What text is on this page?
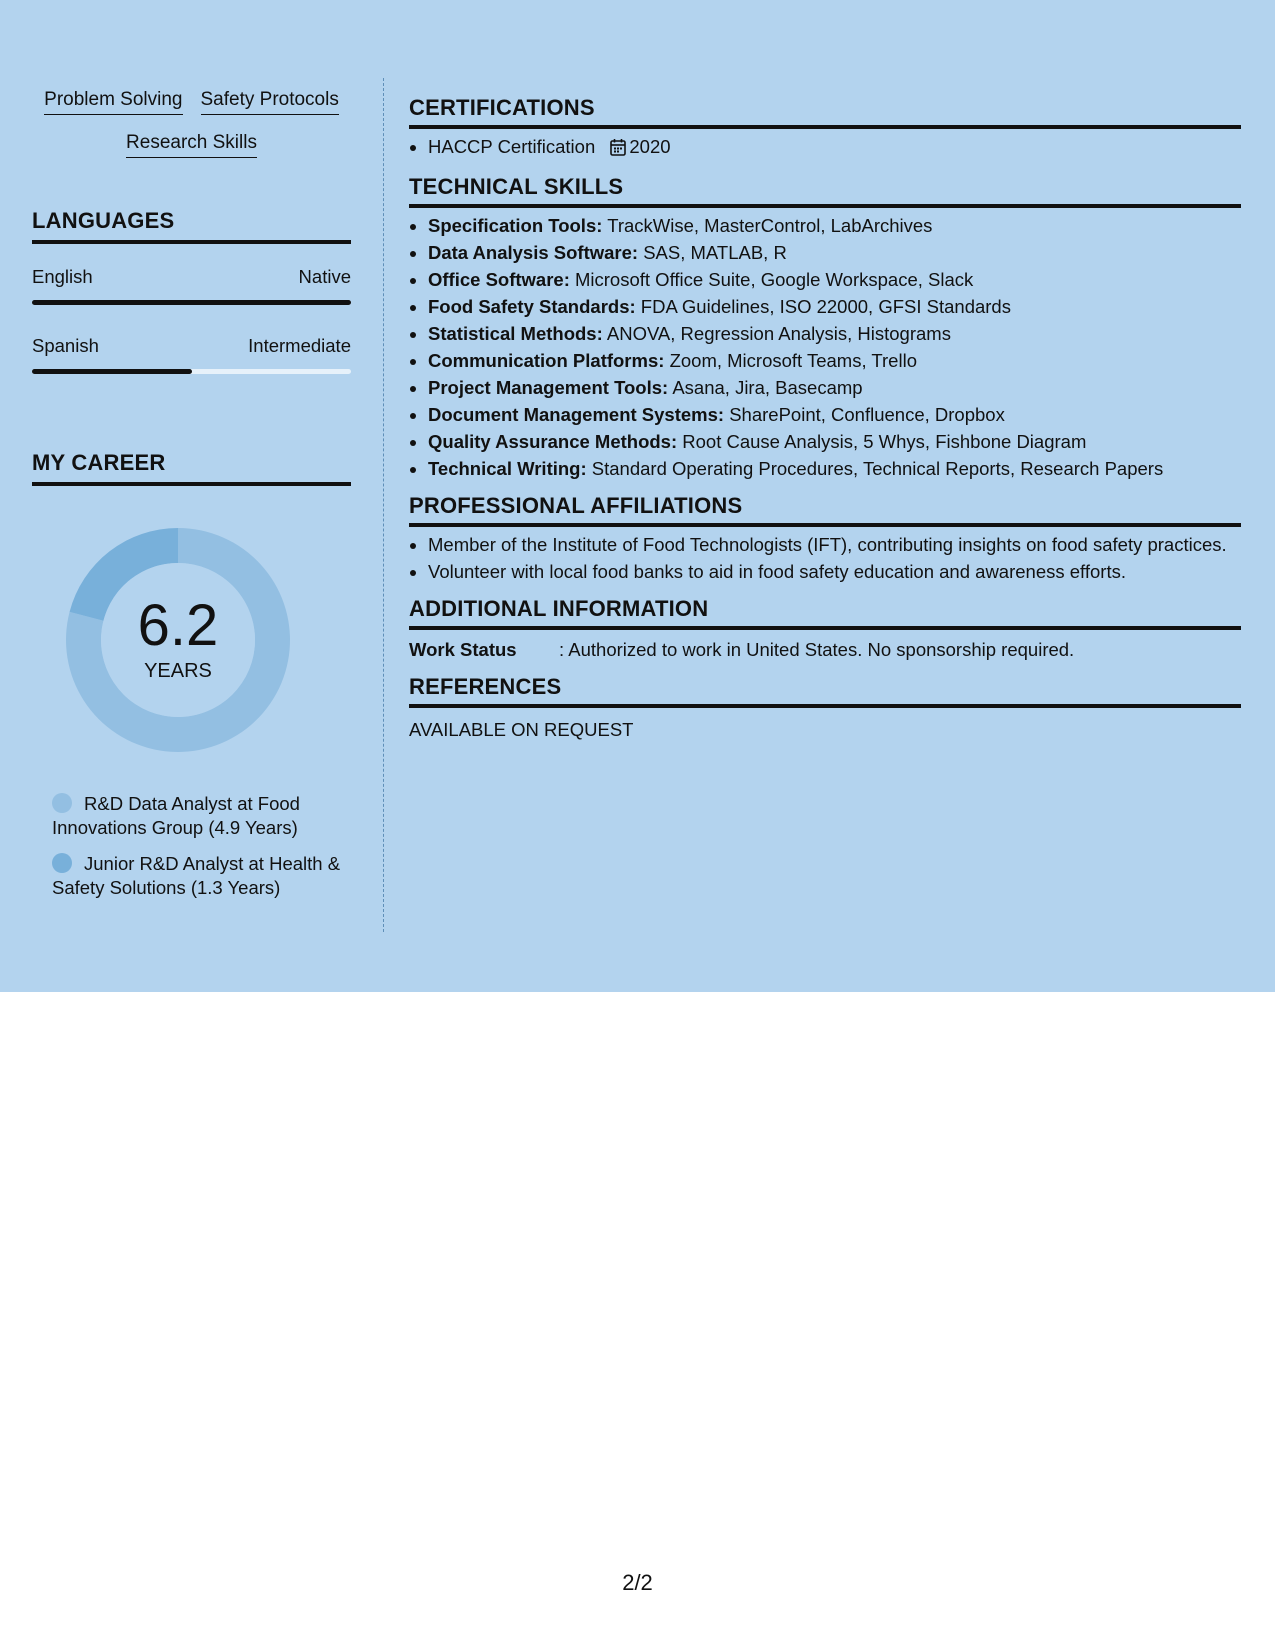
Problem Solving Safety Protocols
Research Skills
LANGUAGES
English	Native
Spanish	Intermediate
MY CAREER
6.2
YEARS
R&D Data Analyst at Food Innovations Group (4.9 Years)
Junior R&D Analyst at Health & Safety Solutions (1.3 Years)
CERTIFICATIONS
• HACCP Certification 2020
TECHNICAL SKILLS
• Specification Tools: TrackWise, MasterControl, LabArchives
• Data Analysis Software: SAS, MATLAB, R
• Office Software: Microsoft Office Suite, Google Workspace, Slack
• Food Safety Standards: FDA Guidelines, ISO 22000, GFSI Standards
• Statistical Methods: ANOVA, Regression Analysis, Histograms
• Communication Platforms: Zoom, Microsoft Teams, Trello
• Project Management Tools: Asana, Jira, Basecamp
• Document Management Systems: SharePoint, Confluence, Dropbox
• Quality Assurance Methods: Root Cause Analysis, 5 Whys, Fishbone Diagram
• Technical Writing: Standard Operating Procedures, Technical Reports, Research Papers
PROFESSIONAL AFFILIATIONS
• Member of the Institute of Food Technologists (IFT), contributing insights on food safety practices.
• Volunteer with local food banks to aid in food safety education and awareness efforts.
ADDITIONAL INFORMATION
Work Status	: Authorized to work in United States. No sponsorship required.
REFERENCES
AVAILABLE ON REQUEST
2/2
